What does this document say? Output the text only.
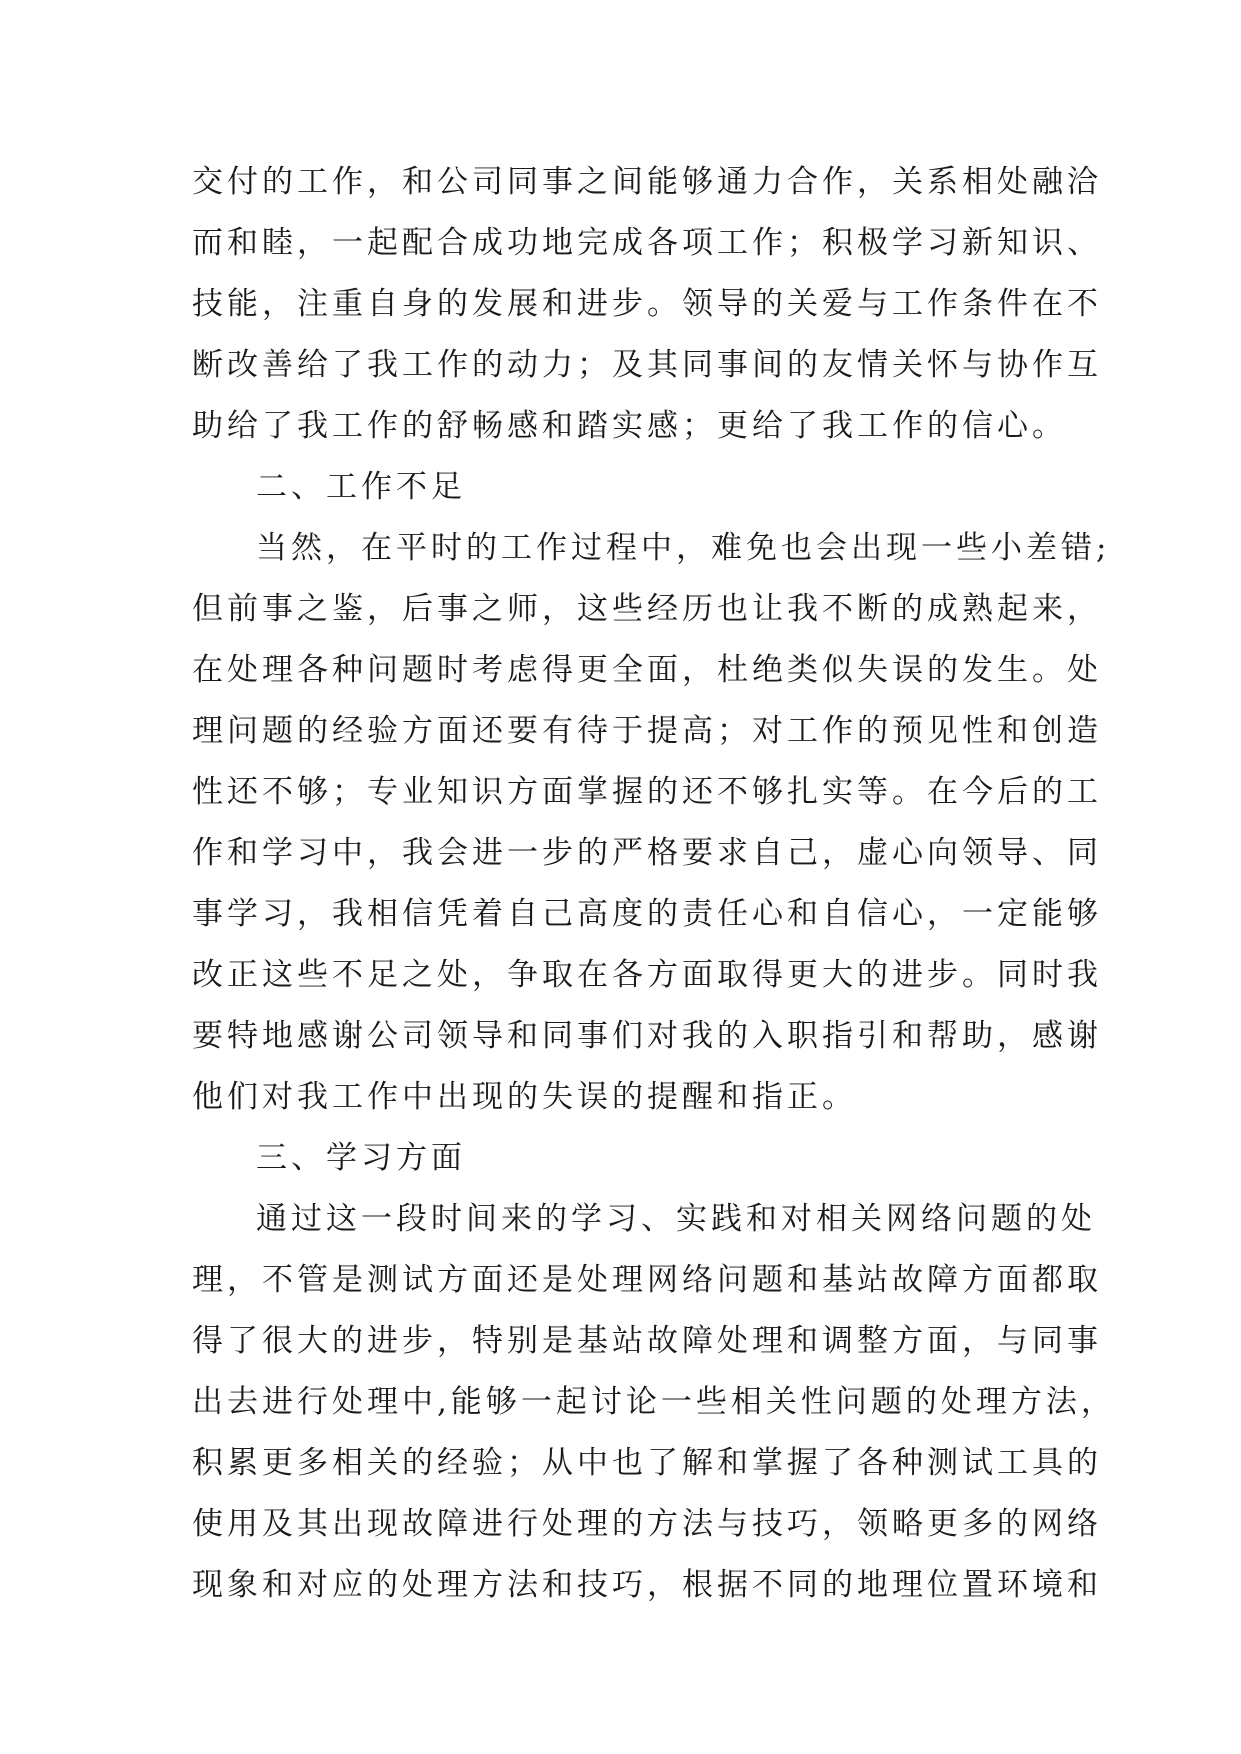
交付的工作，和公司同事之间能够通力合作，关系相处融洽
而和睦，一起配合成功地完成各项工作；积极学习新知识、
技能，注重自身的发展和进步。领导的关爱与工作条件在不
断改善给了我工作的动力；及其同事间的友情关怀与协作互
助给了我工作的舒畅感和踏实感；更给了我工作的信心。
二、工作不足
当然，在平时的工作过程中，难免也会出现一些小差错;
但前事之鉴，后事之师，这些经历也让我不断的成熟起来，
在处理各种问题时考虑得更全面，杜绝类似失误的发生。处
理问题的经验方面还要有待于提高；对工作的预见性和创造
性还不够；专业知识方面掌握的还不够扎实等。在今后的工
作和学习中，我会进一步的严格要求自己，虚心向领导、同
事学习，我相信凭着自己高度的责任心和自信心，一定能够
改正这些不足之处，争取在各方面取得更大的进步。同时我
要特地感谢公司领导和同事们对我的入职指引和帮助，感谢
他们对我工作中出现的失误的提醒和指正。
三、学习方面
通过这一段时间来的学习、实践和对相关网络问题的处
理，不管是测试方面还是处理网络问题和基站故障方面都取
得了很大的进步，特别是基站故障处理和调整方面，与同事
出去进行处理中,能够一起讨论一些相关性问题的处理方法，
积累更多相关的经验；从中也了解和掌握了各种测试工具的
使用及其出现故障进行处理的方法与技巧，领略更多的网络
现象和对应的处理方法和技巧，根据不同的地理位置环境和
